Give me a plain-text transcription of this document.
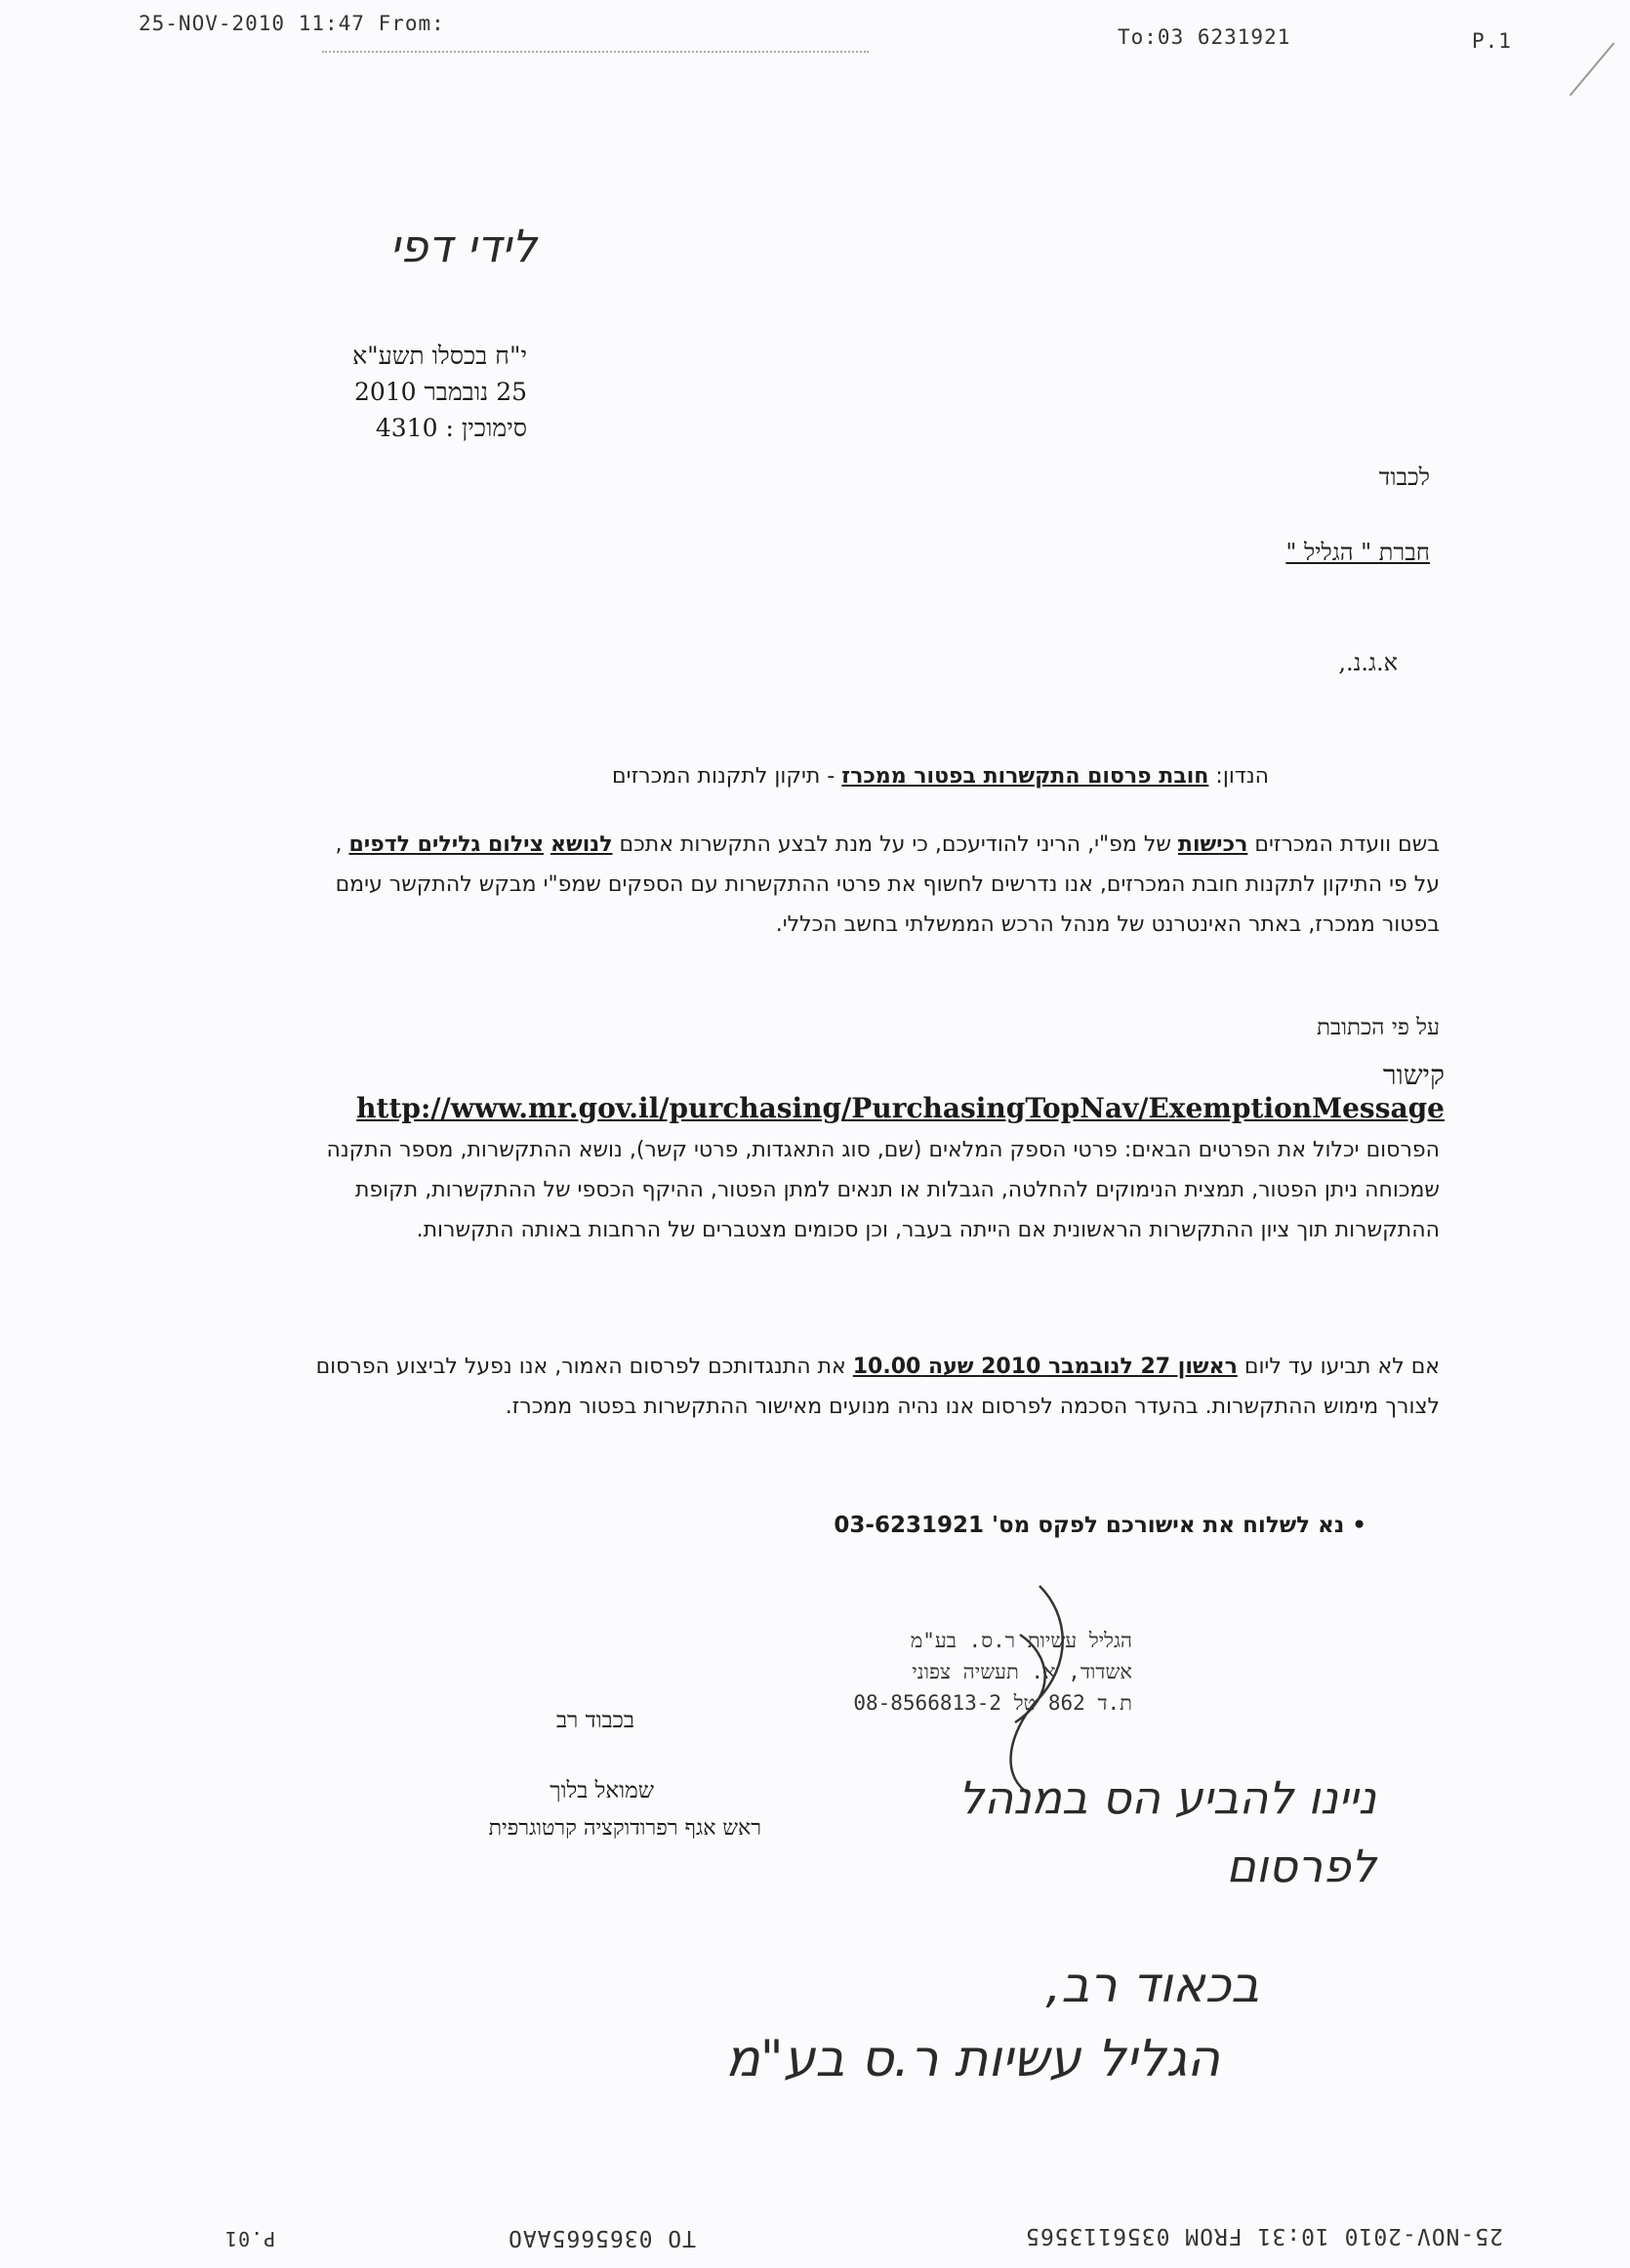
25-NOV-2010 11:47 From:
To:03 6231921	P.1
לידי דפי
י"ח בכסלו תשע"א
25 נובמבר 2010
סימוכין : 4310
לכבוד
חברת " הגליל "
א.ג.נ.,
הנדון: חובת פרסום התקשרות בפטור ממכרז - תיקון לתקנות המכרזים
בשם וועדת המכרזים רכישות של מפ"י, הריני להודיעכם, כי על מנת לבצע התקשרות אתכם לנושא צילום גלילים לדפים , על פי התיקון לתקנות חובת המכרזים, אנו נדרשים לחשוף את פרטי ההתקשרות עם הספקים שמפ"י מבקש להתקשר עימם בפטור ממכרז, באתר האינטרנט של מנהל הרכש הממשלתי בחשב הכללי.
על פי הכתובת
קישור http://www.mr.gov.il/purchasing/PurchasingTopNav/ExemptionMessage
הפרסום יכלול את הפרטים הבאים: פרטי הספק המלאים (שם, סוג התאגדות, פרטי קשר), נושא ההתקשרות, מספר התקנה שמכוחה ניתן הפטור, תמצית הנימוקים להחלטה, הגבלות או תנאים למתן הפטור, ההיקף הכספי של ההתקשרות, תקופת ההתקשרות תוך ציון ההתקשרות הראשונית אם הייתה בעבר, וכן סכומים מצטברים של הרחבות באותה התקשרות.
אם לא תביעו עד ליום ראשון 27 לנובמבר 2010 שעה 10.00 את התנגדותכם לפרסום האמור, אנו נפעל לביצוע הפרסום לצורך מימוש ההתקשרות. בהעדר הסכמה לפרסום אנו נהיה מנועים מאישור ההתקשרות בפטור ממכרז.
• נא לשלוח את אישורכם לפקס מס' 03-6231921
הגליל עשיות ר.ס. בע"מ
אשדוד, א. תעשיה צפוני
ת.ד 862 טל 08-8566813-2
בכבוד רב
שמואל בלוך
ראש אגף רפרודוקציה קרטוגרפית
ניינו להביע הס במנהל
לפרסום
בכאוד רב,
הגליל עשיות ר.ס בע"מ
25-NOV-2010 10:31 FROM 0356113565
TO 0365665AAO
P.01
